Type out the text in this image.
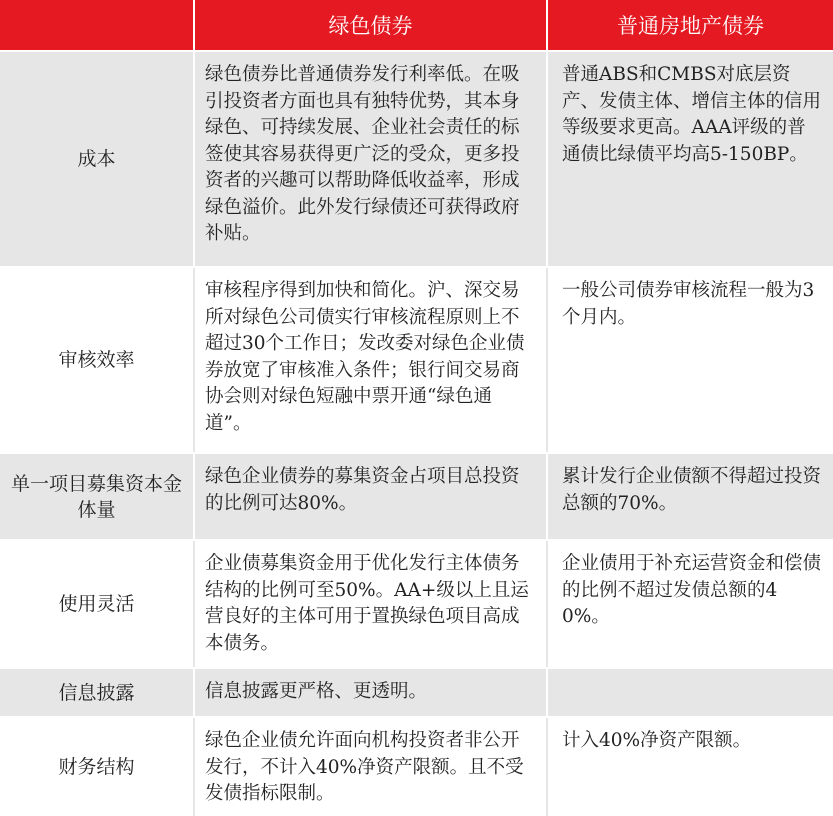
绿色债券	普通房地产债券
成本
绿色债券比普通债券发行利率低。在吸引投资者方面也具有独特优势，其本身绿色、可持续发展、企业社会责任的标签使其容易获得更广泛的受众，更多投资者的兴趣可以帮助降低收益率，形成绿色溢价。此外发行绿债还可获得政府补贴。
普通ABS和CMBS对底层资产、发债主体、增信主体的信用等级要求更高。AAA评级的普通债比绿债平均高5-150BP。
审核效率
审核程序得到加快和简化。沪、深交易所对绿色公司债实行审核流程原则上不超过30个工作日；发改委对绿色企业债券放宽了审核准入条件；银行间交易商协会则对绿色短融中票开通“绿色通道”。
一般公司债券审核流程一般为3个月内。
单一项目募集资本金体量
绿色企业债券的募集资金占项目总投资的比例可达80%。
累计发行企业债额不得超过投资总额的70%。
使用灵活
企业债募集资金用于优化发行主体债务结构的比例可至50%。AA+级以上且运营良好的主体可用于置换绿色项目高成本债务。
企业债用于补充运营资金和偿债的比例不超过发债总额的40%。
信息披露	信息披露更严格、更透明。
财务结构
绿色企业债允许面向机构投资者非公开发行，不计入40%净资产限额。且不受发债指标限制。
计入40%净资产限额。
